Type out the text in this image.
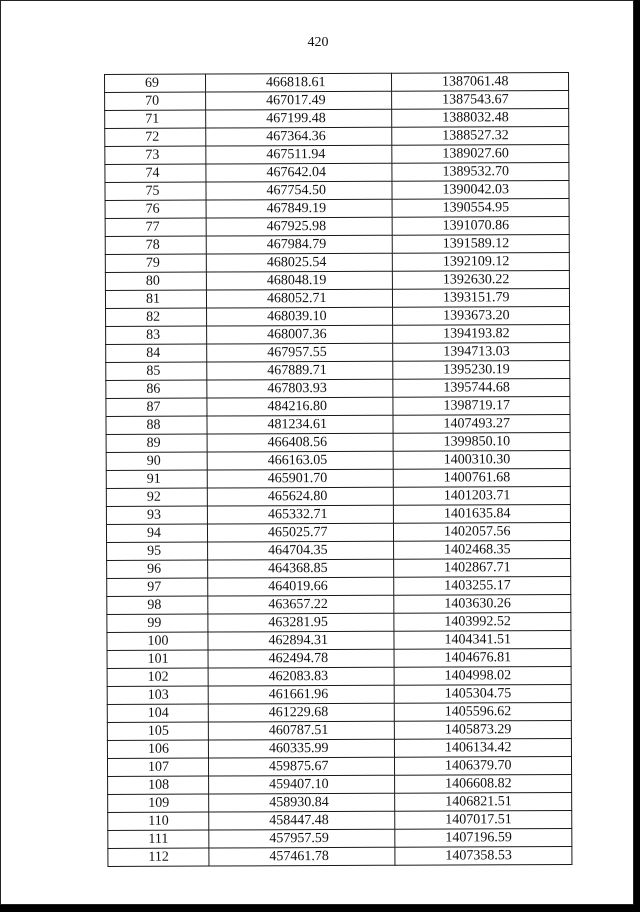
420
69	466818.61	1387061.48
70	467017.49	1387543.67
71	467199.48	1388032.48
72	467364.36	1388527.32
73	467511.94	1389027.60
74	467642.04	1389532.70
75	467754.50	1390042.03
76	467849.19	1390554.95
77	467925.98	1391070.86
78	467984.79	1391589.12
79	468025.54	1392109.12
80	468048.19	1392630.22
81	468052.71	1393151.79
82	468039.10	1393673.20
83	468007.36	1394193.82
84	467957.55	1394713.03
85	467889.71	1395230.19
86	467803.93	1395744.68
87	484216.80	1398719.17
88	481234.61	1407493.27
89	466408.56	1399850.10
90	466163.05	1400310.30
91	465901.70	1400761.68
92	465624.80	1401203.71
93	465332.71	1401635.84
94	465025.77	1402057.56
95	464704.35	1402468.35
96	464368.85	1402867.71
97	464019.66	1403255.17
98	463657.22	1403630.26
99	463281.95	1403992.52
100	462894.31	1404341.51
101	462494.78	1404676.81
102	462083.83	1404998.02
103	461661.96	1405304.75
104	461229.68	1405596.62
105	460787.51	1405873.29
106	460335.99	1406134.42
107	459875.67	1406379.70
108	459407.10	1406608.82
109	458930.84	1406821.51
110	458447.48	1407017.51
111	457957.59	1407196.59
112	457461.78	1407358.53
